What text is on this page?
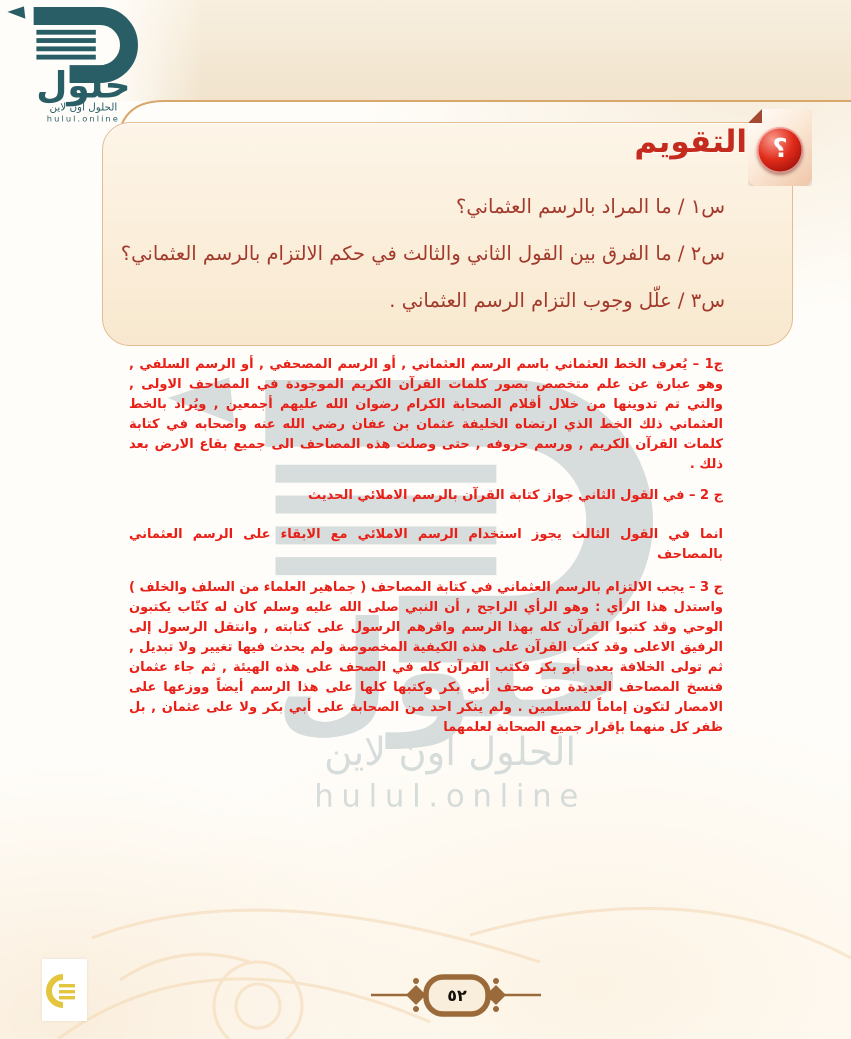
؟
التقويم
س١ / ما المراد بالرسم العثماني؟
س٢ / ما الفرق بين القول الثاني والثالث في حكم الالتزام بالرسم العثماني؟
س٣ / علّل وجوب التزام الرسم العثماني .

ج1 – يُعرف الخط العثماني باسم الرسم العثماني , أو الرسم المصحفي , أو الرسم السلفي , وهو عبارة عن علم متخصص بصور كلمات القرآن الكريم الموجودة في المصاحف الاولى , والتي تم تدوينها من خلال أقلام الصحابة الكرام رضوان الله عليهم أجمعين , ويُراد بالخط العثماني ذلك الخط الذي ارتضاه الخليفة عثمان بن عفان رضي الله عنه واصحابه في كتابة كلمات القرآن الكريم , ورسم حروفه , حتى وصلت هذه المصاحف الى جميع بقاع الارض بعد ذلك .

ج 2 – في القول الثاني جواز كتابة القرآن بالرسم الاملائي الحديث

انما في القول الثالث يجوز استخدام الرسم الاملائي مع الابقاء على الرسم العثماني بالمصاحف

ج 3 – يجب الالتزام بالرسم العثماني في كتابة المصاحف ( جماهير العلماء من السلف والخلف ) واستدل هذا الرأي : وهو الرأي الراجح , أن النبي صلى الله عليه وسلم كان له كتّاب يكتبون الوحي وقد كتبوا القرآن كله بهذا الرسم واقرهم الرسول على كتابته , وانتقل الرسول إلى الرفيق الاعلى وقد كتب القرآن على هذه الكيفية المخصوصة ولم يحدث فيها تغيير ولا تبديل , ثم تولى الخلافة بعده أبو بكر فكتب القرآن كله في الصحف على هذه الهيئة , ثم جاء عثمان فنسخ المصاحف العديدة من صحف أبي بكر وكتبها كلها على هذا الرسم أيضاً ووزعها على الامصار لتكون إماماً للمسلمين . ولم ينكر احد من الصحابة على أبي بكر ولا على عثمان , بل ظفر كل منهما بإقرار جميع الصحابة لعلمهما

٥٢
